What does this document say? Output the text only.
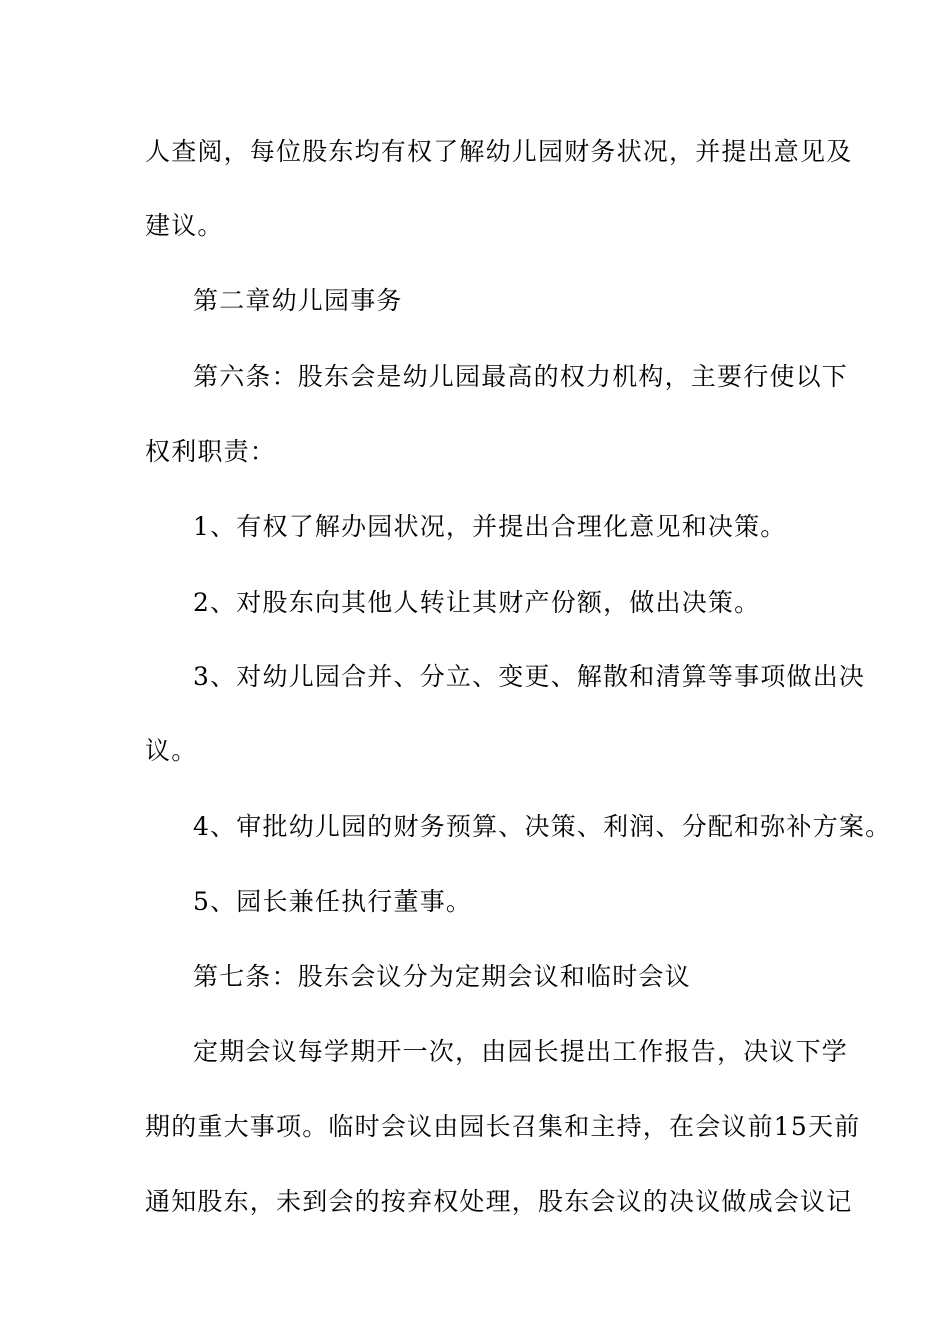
人查阅，每位股东均有权了解幼儿园财务状况，并提出意见及
建议。
第二章幼儿园事务
第六条：股东会是幼儿园最高的权力机构，主要行使以下
权利职责：
1、有权了解办园状况，并提出合理化意见和决策。
2、对股东向其他人转让其财产份额，做出决策。
3、对幼儿园合并、分立、变更、解散和清算等事项做出决
议。
4、审批幼儿园的财务预算、决策、利润、分配和弥补方案。
5、园长兼任执行董事。
第七条：股东会议分为定期会议和临时会议
定期会议每学期开一次，由园长提出工作报告，决议下学
期的重大事项。临时会议由园长召集和主持，在会议前15天前
通知股东，未到会的按弃权处理，股东会议的决议做成会议记
